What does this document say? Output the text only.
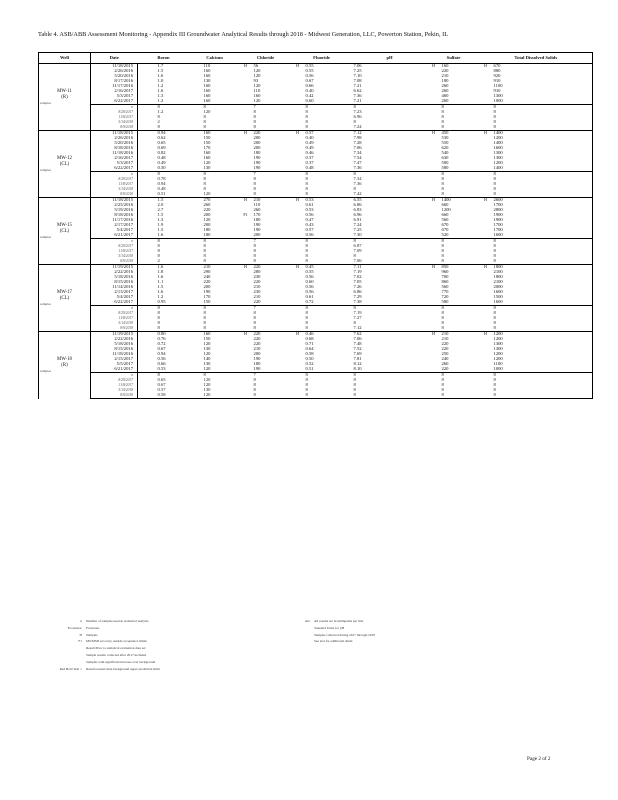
Table 4. ASB/ABB Assessment Monitoring - Appendix III Groundwater Analytical Results through 2018 - Midwest Generation, LLC, Powerton Station, Pekin, IL
Well	Date	Boron		Calcium		Chloride		Fluoride		pH	Sulfate		Total Dissolved Solids	

MW-11
(R)
samples	11/18/2015		1.7		110	H	56	H	0.55	7.06	H	160	H	670
	2/26/2016		1.5		160		120		0.55	7.25		220		880
	5/20/2016		1.6		160		120		0.56	7.10		210		920
	8/17/2016		1.0		130		93		0.67	7.08		180		910
	11/17/2016		1.2		160		120		0.66	7.21		260		1100
	2/16/2017		1.6		160		110		0.40	6.62		260		910
	5/3/2017		1.3		160		160		0.42	7.36		460		1300
	6/22/2017		1.2		160		120		0.60	7.21		260		1000
	n		8		8		7		8	8		8		8
	8/29/2017		1.2		120		8		8	7.23		8		8
	11/8/2017		8		8		8		8	6.96		8		8
	5/14/2018		2		8		8		8	8		8		8
	8/9/2018		8		8		8		8	7.24		8		8

MW-12
(CL)
samples	11/18/2015		0.94		160	H	220	H	0.57	7.12	H	450	H	1400
	2/26/2016		0.62		150		200		0.40	7.98		530		1200
	5/20/2016		0.65		150		200		0.49	7.28		550		1400
	8/18/2016		0.69		170		200		0.49	7.06		620		1600
	11/18/2016		0.82		160		180		0.46	7.34		540		1300
	2/16/2017		0.48		160		190		0.37	7.54		630		1300
	5/3/2017		0.49		120		190		0.37	7.47		500		1200
	6/22/2017		0.50		130		190		0.48	7.36		580		1400
	n		8		8		7		8	8		8		8
	8/29/2017		0.78		8		8		8	7.34		8		8
	11/8/2017		0.94		8		8		8	7.36		8		8
	5/14/2018		0.48		8		8		8	8		8		8
	8/9/2018		0.51		120		8		8	7.42		8		8

MW-15
(CL)
samples	11/18/2015		1.5		270	H	210	H	0.53	6.55	H	1400	H	2600
	2/25/2016		2.0		260		110		0.61	6.86		660		1700
	5/19/2016		2.7		220		260		0.53	6.83		1200		2800
	8/18/2016		1.5		200	F1	170		0.56	6.96		660		1900
	11/17/2016		1.3		120		180		0.47	6.91		560		1900
	2/17/2017		1.9		200		190		0.43	7.24		670		1700
	5/4/2017		1.5		180		190		0.57	7.25		670		1700
	6/21/2017		1.6		180		200		0.56	7.30		520		1600
	n		8		8		7		8	8		8		8
	8/29/2017		8		8		8		8	6.87		8		8
	11/8/2017		8		8		8		8	7.09		8		8
	5/14/2018		8		8		8		8	8		8		8
	8/9/2018		2		8		8		8	7.06		8		8

MW-17
(CL)
samples	11/19/2015		1.6		210	H	220	H	0.45	7.11	H	850	H	1800
	2/22/2016		1.8		290		280		0.55	7.19		960		2100
	5/18/2016		1.6		240		230		0.56	7.02		700		1800
	8/15/2016		1.1		220		220		0.60	7.05		860		2100
	11/14/2016		1.5		200		210		0.56	7.26		560		2000
	2/13/2017		1.6		190		230		0.56	6.86		770		1600
	5/4/2017		1.2		170		210		0.61	7.29		720		1500
	6/22/2017		0.95		150		220		0.72	7.38		580		1600
	n		8		8		7		8	8		8		8
	8/29/2017		8		8		8		8	7.19		8		8
	11/8/2017		8		8		8		8	7.27		8		8
	5/14/2018		8		8		8		8	8		8		8
	8/9/2018		8		8		8		8	7.12		8		8

MW-18
(R)
samples	11/19/2015		0.80		160	H	220	H	0.46	7.62	H	210	H	1200
	2/22/2016		0.76		150		220		0.68	7.06		210		1200
	5/18/2016		0.72		120		220		0.71	7.48		220		1300
	8/15/2016		0.67		130		210		0.64	7.52		220		1300
	11/18/2016		0.94		120		200		0.58	7.69		250		1200
	2/15/2017		0.56		140		190		0.50	7.81		240		1200
	5/5/2017		0.66		130		180		0.52	8.12		260		1100
	6/21/2017		0.53		120		190		0.51	8.10		220		1000
	n		8		8		7		8	8		8		8
	8/29/2017		0.65		120		8		8	8		8		8
	11/8/2017		0.67		120		8		8	8		8		8
	5/14/2018		0.57		130		8		8	8		8		8
	8/9/2018		0.58		120		8		8	8		8		8
n Number of samples used in statistical analysis
Footnotes: Footnotes
H Samples
F1 MS/MSD recovery outside acceptance limits
Result Prior to statistical evaluation data set
Sample results collected after 2017 included
Samples with significant increase over background
Red Bold Text = Result Greater than background upper prediction limit
Abr All results are in milligrams per liter
Standard Units for pH
Samples collected during 2017 through 2018
See text for additional detail
Page 2 of 2
